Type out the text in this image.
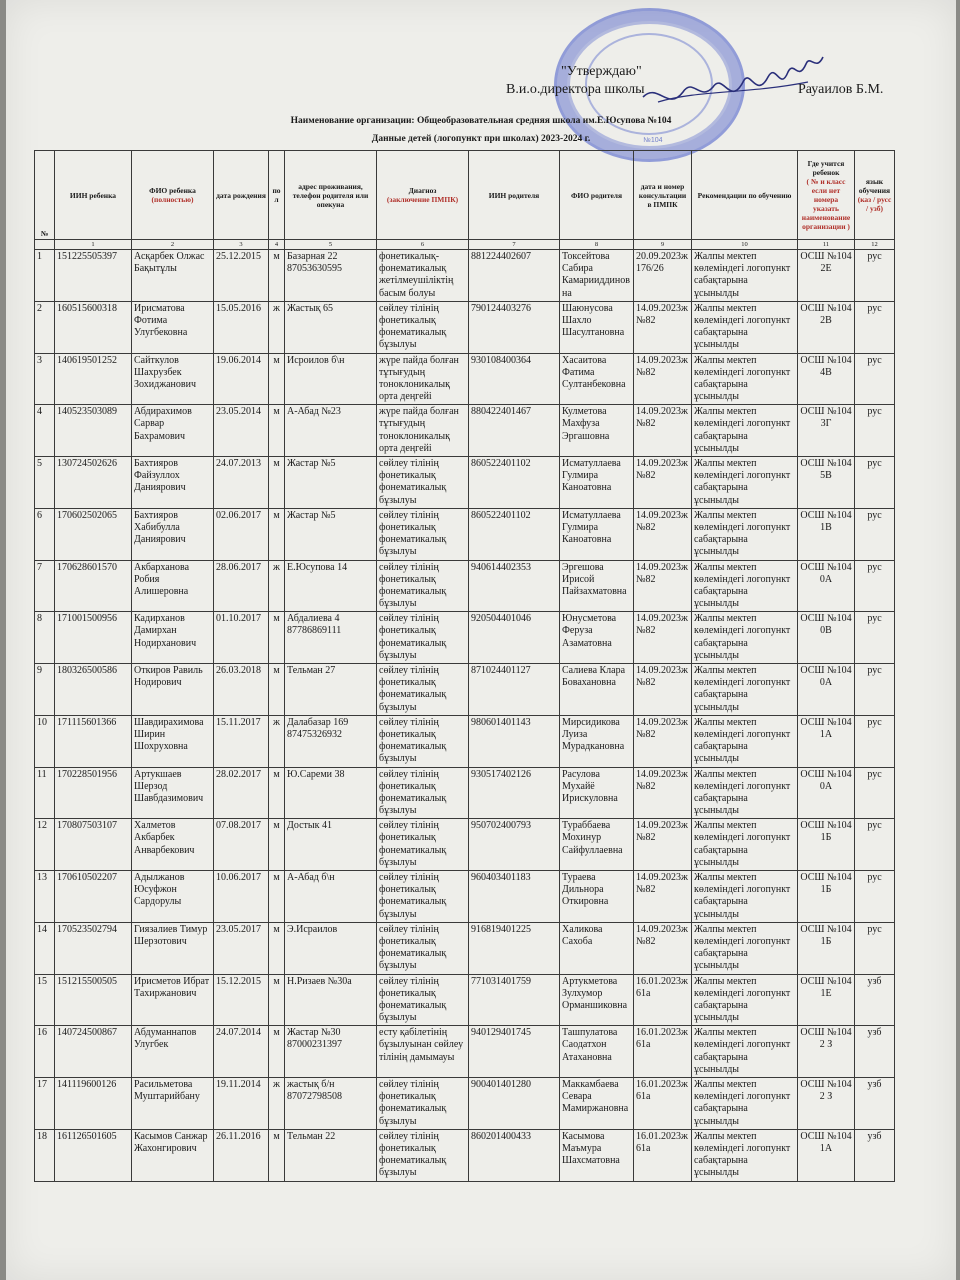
№104
"Утверждаю"
В.и.о.директора школы	Рауаилов Б.М.
Наименование организации: Общеобразовательная средняя школа им.Е.Юсупова №104
Данные детей (логопункт при школах) 2023-2024 г.
№	ИИН ребенка	ФИО ребенка
(полностью)	дата рождения	пол	адрес проживания, телефон родителя или опекуна	Диагноз
(заключение ПМПК)	ИИН родителя	ФИО родителя	дата и номер консультации в ПМПК	Рекомендации по обучению	Где учится ребенок
( № и класс если нет номера указать наименование организации )	язык обучения
(каз / русс / узб)

	1	2	3	4	5	6	7	8	9	10	11	12
1	151225505397	Асқарбек Олжас Бақытұлы	25.12.2015	м	Базарная 22 87053630595	фонетикалық-фонематикалық жетілмеушіліктің басым болуы	881224402607	Токсейтова Сабира Камарииддиновна	20.09.2023ж 176/26	Жалпы мектеп көлеміндегі логопункт сабақтарына ұсынылды	ОСШ №104 2Е	рус
2	160515600318	Ирисматова Фотима Улугбековна	15.05.2016	ж	Жастық 65	сөйлеу тілінің фонетикалық фонематикалық бұзылуы	790124403276	Шаюнусова Шахло Шасултановна	14.09.2023ж №82	Жалпы мектеп көлеміндегі логопункт сабақтарына ұсынылды	ОСШ №104 2В	рус
3	140619501252	Сайткулов Шахрузбек Зохиджанович	19.06.2014	м	Исроилов б\н	жүре пайда болған тұтығудың тоноклоникалық орта деңгейі	930108400364	Хасаитова Фатима Султанбековна	14.09.2023ж №82	Жалпы мектеп көлеміндегі логопункт сабақтарына ұсынылды	ОСШ №104 4В	рус
4	140523503089	Абдирахимов Сарвар Бахрамович	23.05.2014	м	А-Абад №23	жүре пайда болған тұтығудың тоноклоникалық орта деңгейі	880422401467	Кулметова Махфуза Эргашовна	14.09.2023ж №82	Жалпы мектеп көлеміндегі логопункт сабақтарына ұсынылды	ОСШ №104 3Г	рус
5	130724502626	Бахтияров Файзуллох Даниярович	24.07.2013	м	Жастар №5	сөйлеу тілінің фонетикалық фонематикалық бұзылуы	860522401102	Исматуллаева Гулмира Каноатовна	14.09.2023ж №82	Жалпы мектеп көлеміндегі логопункт сабақтарына ұсынылды	ОСШ №104 5В	рус
6	170602502065	Бахтияров Хабибулла Даниярович	02.06.2017	м	Жастар №5	сөйлеу тілінің фонетикалық фонематикалық бұзылуы	860522401102	Исматуллаева Гулмира Каноатовна	14.09.2023ж №82	Жалпы мектеп көлеміндегі логопункт сабақтарына ұсынылды	ОСШ №104 1В	рус
7	170628601570	Акбарханова Робия Алишеровна	28.06.2017	ж	Е.Юсупова 14	сөйлеу тілінің фонетикалық фонематикалық бұзылуы	940614402353	Эргешова Ирисой Пайзахматовна	14.09.2023ж №82	Жалпы мектеп көлеміндегі логопункт сабақтарына ұсынылды	ОСШ №104 0А	рус
8	171001500956	Кадирханов Дамирхан Нодирханович	01.10.2017	м	Абдалиева 4 87786869111	сөйлеу тілінің фонетикалық фонематикалық бұзылуы	920504401046	Юнусметова Феруза Азаматовна	14.09.2023ж №82	Жалпы мектеп көлеміндегі логопункт сабақтарына ұсынылды	ОСШ №104 0В	рус
9	180326500586	Откиров Равиль Нодирович	26.03.2018	м	Тельман 27	сөйлеу тілінің фонетикалық фонематикалық бұзылуы	871024401127	Салиева Клара Бовахановна	14.09.2023ж №82	Жалпы мектеп көлеміндегі логопункт сабақтарына ұсынылды	ОСШ №104 0А	рус
10	171115601366	Шавдирахимова Ширин Шохруховна	15.11.2017	ж	Далабазар 169 87475326932	сөйлеу тілінің фонетикалық фонематикалық бұзылуы	980601401143	Мирсидикова Луиза Мурадкановна	14.09.2023ж №82	Жалпы мектеп көлеміндегі логопункт сабақтарына ұсынылды	ОСШ №104 1А	рус
11	170228501956	Артукшаев Шерзод Шавбдазимович	28.02.2017	м	Ю.Сареми 38	сөйлеу тілінің фонетикалық фонематикалық бұзылуы	930517402126	Расулова Мухайё Ирискуловна	14.09.2023ж №82	Жалпы мектеп көлеміндегі логопункт сабақтарына ұсынылды	ОСШ №104 0А	рус
12	170807503107	Халметов Акбарбек Анварбекович	07.08.2017	м	Достык 41	сөйлеу тілінің фонетикалық фонематикалық бұзылуы	950702400793	Тураббаева Мохинур Сайфуллаевна	14.09.2023ж №82	Жалпы мектеп көлеміндегі логопункт сабақтарына ұсынылды	ОСШ №104 1Б	рус
13	170610502207	Адылжанов Юсуфжон Сардорулы	10.06.2017	м	А-Абад б\н	сөйлеу тілінің фонетикалық фонематикалық бұзылуы	960403401183	Тураева Дильнора Откировна	14.09.2023ж №82	Жалпы мектеп көлеміндегі логопункт сабақтарына ұсынылды	ОСШ №104 1Б	рус
14	170523502794	Гиязалиев Тимур Шерзотович	23.05.2017	м	Э.Исраилов	сөйлеу тілінің фонетикалық фонематикалық бұзылуы	916819401225	Халикова Сахоба	14.09.2023ж №82	Жалпы мектеп көлеміндегі логопункт сабақтарына ұсынылды	ОСШ №104 1Б	рус
15	151215500505	Ирисметов Ибрат Тахиржанович	15.12.2015	м	Н.Ризаев №30а	сөйлеу тілінің фонетикалық фонематикалық бұзылуы	771031401759	Артукметова Зулхумор Орманшиковна	16.01.2023ж 61а	Жалпы мектеп көлеміндегі логопункт сабақтарына ұсынылды	ОСШ №104 1Е	узб
16	140724500867	Абдуманнапов Улугбек	24.07.2014	м	Жастар №30 87000231397	есту қабілетінің бұзылуынан сөйлеу тілінің дамымауы	940129401745	Ташпулатова Саодатхон Атахановна	16.01.2023ж 61а	Жалпы мектеп көлеміндегі логопункт сабақтарына ұсынылды	ОСШ №104 2 З	узб
17	141119600126	Расильметова Муштарийбану	19.11.2014	ж	жастық б/н 87072798508	сөйлеу тілінің фонетикалық фонематикалық бұзылуы	900401401280	Маккамбаева Севара Мамиржановна	16.01.2023ж 61а	Жалпы мектеп көлеміндегі логопункт сабақтарына ұсынылды	ОСШ №104 2 З	узб
18	161126501605	Касымов Санжар Жахонгирович	26.11.2016	м	Тельман 22	сөйлеу тілінің фонетикалық фонематикалық бұзылуы	860201400433	Касымова Маъмура Шахсматовна	16.01.2023ж 61а	Жалпы мектеп көлеміндегі логопункт сабақтарына ұсынылды	ОСШ №104 1А	узб
